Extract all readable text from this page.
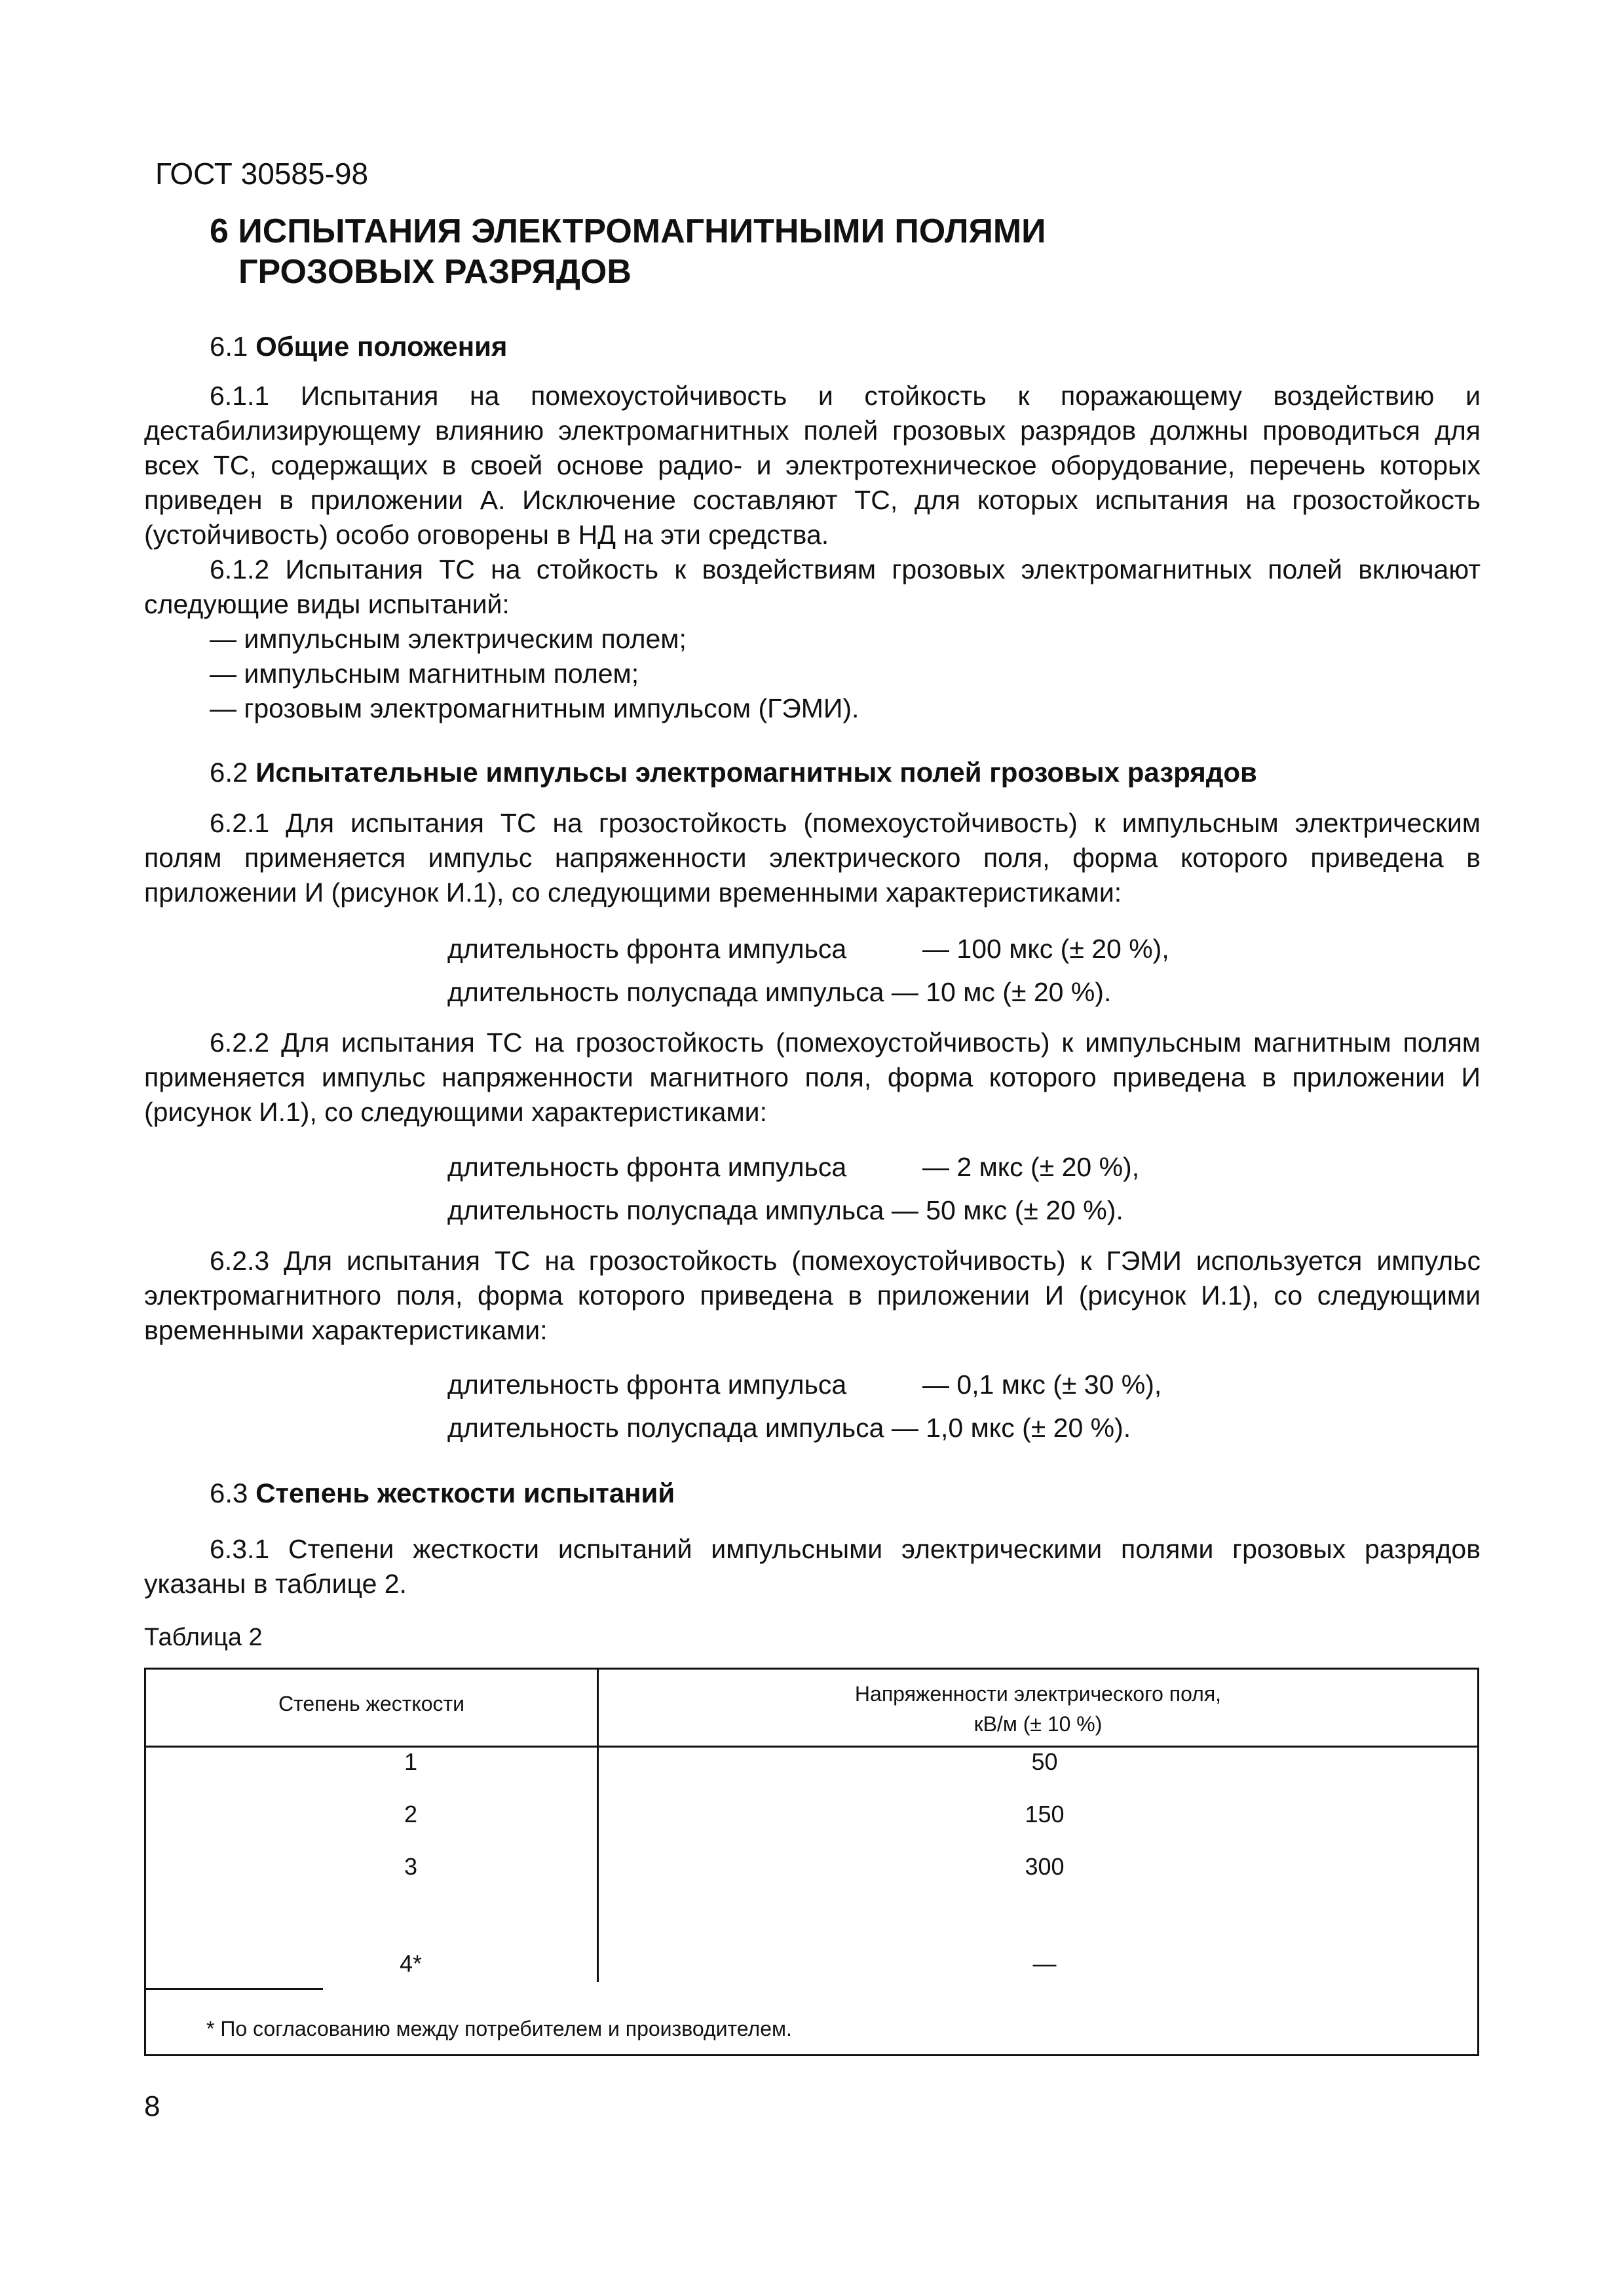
ГОСТ 30585-98
6 ИСПЫТАНИЯ ЭЛЕКТРОМАГНИТНЫМИ ПОЛЯМИ
ГРОЗОВЫХ РАЗРЯДОВ
6.1 Общие положения
6.1.1 Испытания на помехоустойчивость и стойкость к поражающему воздействию и дестабилизирующему влиянию электромагнитных полей грозовых разрядов должны проводиться для всех ТС, содержащих в своей основе радио- и электротехническое оборудование, перечень которых приведен в приложении А. Исключение составляют ТС, для которых испытания на грозостойкость (устойчивость) особо оговорены в НД на эти средства.
6.1.2 Испытания ТС на стойкость к воздействиям грозовых электромагнитных полей включают следующие виды испытаний:
— импульсным электрическим полем;
— импульсным магнитным полем;
— грозовым электромагнитным импульсом (ГЭМИ).
6.2 Испытательные импульсы электромагнитных полей грозовых разрядов
6.2.1 Для испытания ТС на грозостойкость (помехоустойчивость) к импульсным электрическим полям применяется импульс напряженности электрического поля, форма которого приведена в приложении И (рисунок И.1), со следующими временными характеристиками:
длительность фронта импульса	— 100 мкс (± 20 %),
длительность полуспада импульса — 10 мс (± 20 %).
6.2.2 Для испытания ТС на грозостойкость (помехоустойчивость) к импульсным магнитным полям применяется импульс напряженности магнитного поля, форма которого приведена в приложении И (рисунок И.1), со следующими характеристиками:
длительность фронта импульса	— 2 мкс (± 20 %),
длительность полуспада импульса — 50 мкс (± 20 %).
6.2.3 Для испытания ТС на грозостойкость (помехоустойчивость) к ГЭМИ используется импульс электромагнитного поля, форма которого приведена в приложении И (рисунок И.1), со следующими временными характеристиками:
длительность фронта импульса	— 0,1 мкс (± 30 %),
длительность полуспада импульса — 1,0 мкс (± 20 %).
6.3 Степень жесткости испытаний
6.3.1 Степени жесткости испытаний импульсными электрическими полями грозовых разрядов указаны в таблице 2.
Таблица 2
Степень жесткости	Напряженности электрического поля,
кВ/м (± 10 %)
1	50
2	150
3	300
4*	—
* По согласованию между потребителем и производителем.
8
